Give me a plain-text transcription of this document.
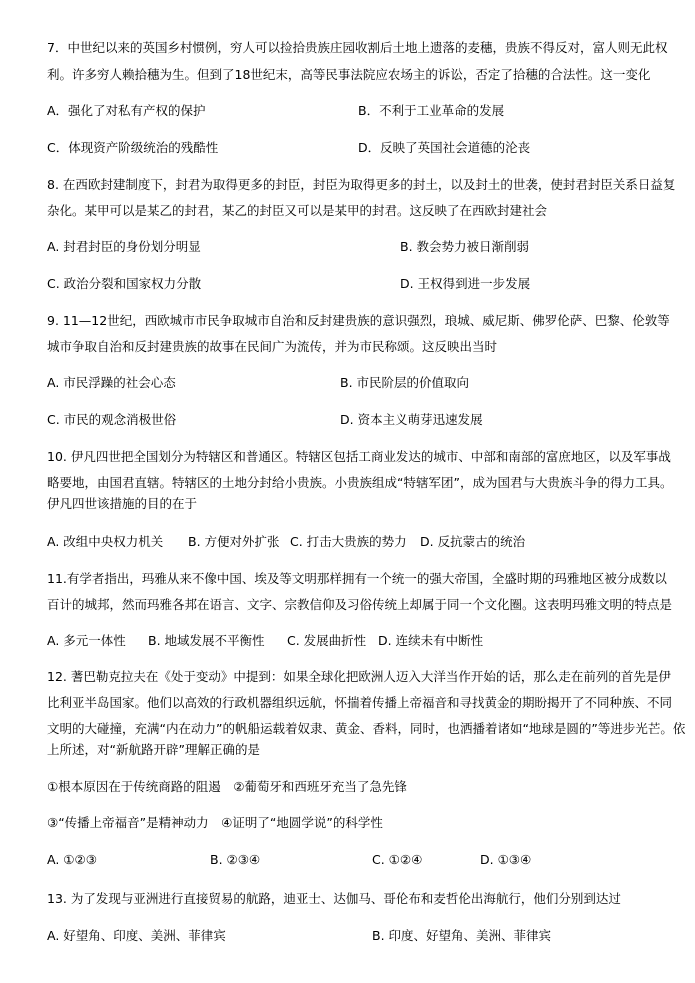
7．中世纪以来的英国乡村惯例，穷人可以捡拾贵族庄园收割后土地上遗落的麦穗，贵族不得反对，富人则无此权
利。许多穷人赖拾穗为生。但到了18世纪末，高等民事法院应农场主的诉讼，否定了拾穗的合法性。这一变化
A．强化了对私有产权的保护	B．不利于工业革命的发展
C．体现资产阶级统治的残酷性	D．反映了英国社会道德的沦丧
8. 在西欧封建制度下，封君为取得更多的封臣，封臣为取得更多的封土，以及封土的世袭，使封君封臣关系日益复
杂化。某甲可以是某乙的封君，某乙的封臣又可以是某甲的封君。这反映了在西欧封建社会
A. 封君封臣的身份划分明显	B. 教会势力被日渐削弱
C. 政治分裂和国家权力分散	D. 王权得到进一步发展
9. 11—12世纪，西欧城市市民争取城市自治和反封建贵族的意识强烈，琅城、威尼斯、佛罗伦萨、巴黎、伦敦等
城市争取自治和反封建贵族的故事在民间广为流传，并为市民称颂。这反映出当时
A. 市民浮躁的社会心态	B. 市民阶层的价值取向
C. 市民的观念消极世俗	D. 资本主义萌芽迅速发展
10. 伊凡四世把全国划分为特辖区和普通区。特辖区包括工商业发达的城市、中部和南部的富庶地区，以及军事战
略要地，由国君直辖。特辖区的土地分封给小贵族。小贵族组成“特辖军团”，成为国君与大贵族斗争的得力工具。
伊凡四世该措施的目的在于
A. 改组中央权力机关 B. 方便对外扩张 C. 打击大贵族的势力 D. 反抗蒙古的统治
11.有学者指出，玛雅从来不像中国、埃及等文明那样拥有一个统一的强大帝国，全盛时期的玛雅地区被分成数以
百计的城邦，然而玛雅各邦在语言、文字、宗教信仰及习俗传统上却属于同一个文化圈。这表明玛雅文明的特点是
A. 多元一体性 B. 地域发展不平衡性 C. 发展曲折性 D. 连续未有中断性
12. 蓍巴勒克拉夫在《处于变动》中提到：如果全球化把欧洲人迈入大洋当作开始的话，那么走在前列的首先是伊
比利亚半岛国家。他们以高效的行政机器组织远航，怀揣着传播上帝福音和寻找黄金的期盼揭开了不同种族、不同
文明的大碰撞，充满“内在动力”的帆船运载着奴隶、黄金、香料，同时，也洒播着诸如“地球是圆的”等进步光芒。依
上所述，对“新航路开辟”理解正确的是
①根本原因在于传统商路的阻遏　②葡萄牙和西班牙充当了急先锋
③“传播上帝福音”是精神动力　④证明了“地圆学说”的科学性
A. ①②③	B. ②③④	C. ①②④	D. ①③④
13. 为了发现与亚洲进行直接贸易的航路，迪亚士、达伽马、哥伦布和麦哲伦出海航行，他们分别到达过
A. 好望角、印度、美洲、菲律宾	B. 印度、好望角、美洲、菲律宾
